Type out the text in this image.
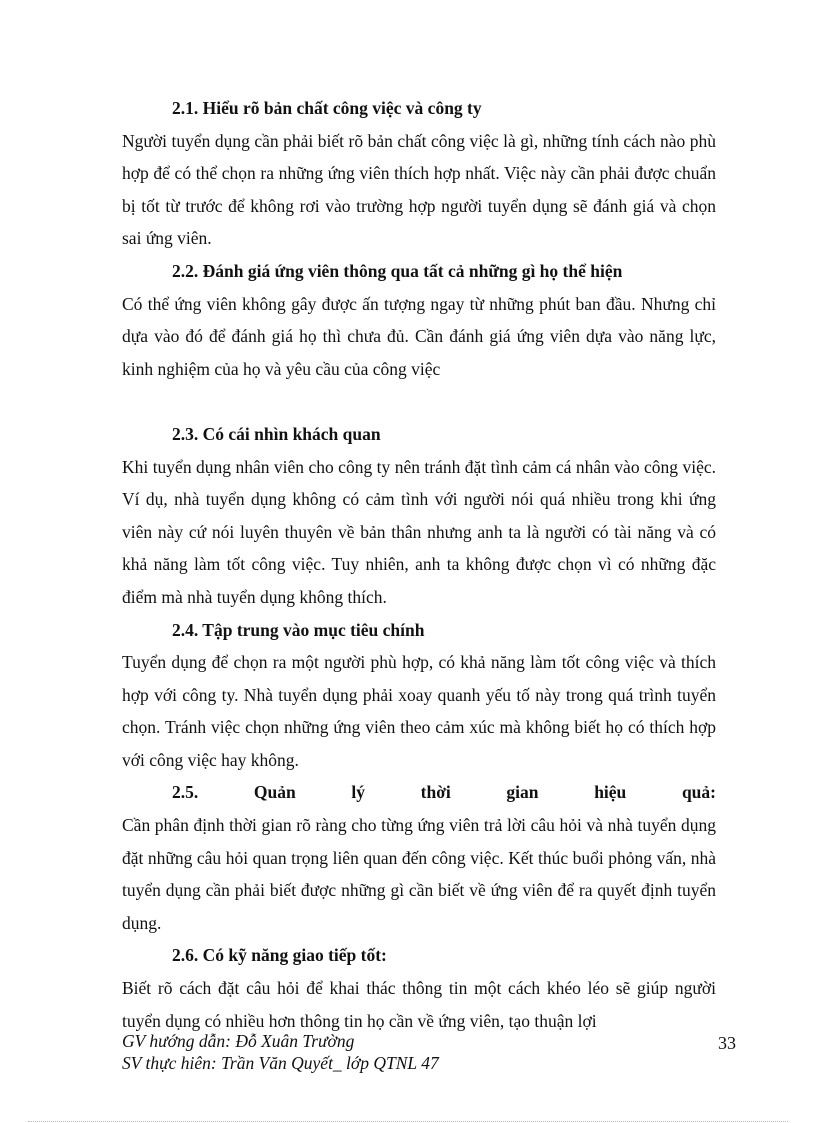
2.1. Hiểu rõ bản chất công việc và công ty

Người tuyển dụng cần phải biết rõ bản chất công việc là gì, những tính cách nào phù hợp để có thể chọn ra những ứng viên thích hợp nhất. Việc này cần phải được chuẩn bị tốt từ trước để không rơi vào trường hợp người tuyển dụng sẽ đánh giá và chọn sai ứng viên.

2.2. Đánh giá ứng viên thông qua tất cả những gì họ thể hiện

Có thể ứng viên không gây được ấn tượng ngay từ những phút ban đầu. Nhưng chỉ dựa vào đó để đánh giá họ thì chưa đủ. Cần đánh giá ứng viên dựa vào năng lực, kinh nghiệm của họ và yêu cầu của công việc

2.3. Có cái nhìn khách quan

Khi tuyển dụng nhân viên cho công ty nên tránh đặt tình cảm cá nhân vào công việc. Ví dụ, nhà tuyển dụng không có cảm tình với người nói quá nhiều trong khi ứng viên này cứ nói luyên thuyên về bản thân nhưng anh ta là người có tài năng và có khả năng làm tốt công việc. Tuy nhiên, anh ta không được chọn vì có những đặc điểm mà nhà tuyển dụng không thích.

2.4. Tập trung vào mục tiêu chính

Tuyển dụng để chọn ra một người phù hợp, có khả năng làm tốt công việc và thích hợp với công ty. Nhà tuyển dụng phải xoay quanh yếu tố này trong quá trình tuyển chọn. Tránh việc chọn những ứng viên theo cảm xúc mà không biết họ có thích hợp với công việc hay không.

2.5. Quản lý thời gian hiệu quả:

Cần phân định thời gian rõ ràng cho từng ứng viên trả lời câu hỏi và nhà tuyển dụng đặt những câu hỏi quan trọng liên quan đến công việc. Kết thúc buổi phỏng vấn, nhà tuyển dụng cần phải biết được những gì cần biết về ứng viên để ra quyết định tuyển dụng.

2.6. Có kỹ năng giao tiếp tốt:

Biết rõ cách đặt câu hỏi để khai thác thông tin một cách khéo léo sẽ giúp người tuyển dụng có nhiều hơn thông tin họ cần về ứng viên, tạo thuận lợi

GV hướng dẫn: Đỗ Xuân Trường
SV thực hiên: Trần Văn Quyết_ lớp QTNL 47
33
